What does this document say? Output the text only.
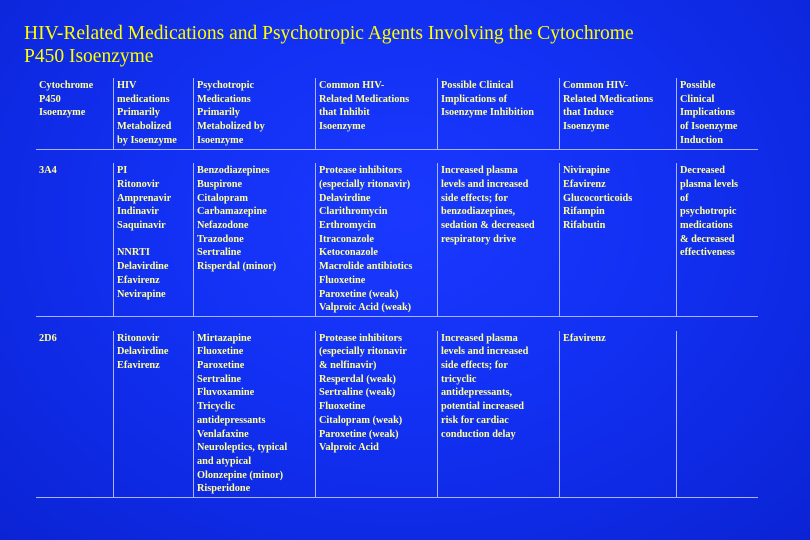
HIV-Related Medications and Psychotropic Agents Involving the Cytochrome
P450 Isoenzyme
Cytochrome
P450
Isoenzyme
HIV
medications
Primarily
Metabolized
by Isoenzyme
Psychotropic
Medications
Primarily
Metabolized by
Isoenzyme
Common HIV-
Related Medications
that Inhibit
Isoenzyme
Possible Clinical
Implications of
Isoenzyme Inhibition
Common HIV-
Related Medications
that Induce
Isoenzyme
Possible
Clinical
Implications
of Isoenzyme
Induction
3A4	PI
Ritonovir
Amprenavir
Indinavir
Saquinavir

NNRTI
Delavirdine
Efavirenz
Nevirapine
Benzodiazepines
Buspirone
Citalopram
Carbamazepine
Nefazodone
Trazodone
Sertraline
Risperdal (minor)
Protease inhibitors
(especially ritonavir)
Delavirdine
Clarithromycin
Erthromycin
Itraconazole
Ketoconazole
Macrolide antibiotics
Fluoxetine
Paroxetine (weak)
Valproic Acid (weak)
Increased plasma
levels and increased
side effects; for
benzodiazepines,
sedation & decreased
respiratory drive
Nivirapine
Efavirenz
Glucocorticoids
Rifampin
Rifabutin
Decreased
plasma levels
of
psychotropic
medications
& decreased
effectiveness
2D6	Ritonovir
Delavirdine
Efavirenz
Mirtazapine
Fluoxetine
Paroxetine
Sertraline
Fluvoxamine
Tricyclic
antidepressants
Venlafaxine
Neuroleptics, typical
and atypical
Olonzepine (minor)
Risperidone
Protease inhibitors
(especially ritonavir
& nelfinavir)
Resperdal (weak)
Sertraline (weak)
Fluoxetine
Citalopram (weak)
Paroxetine (weak)
Valproic Acid
Increased plasma
levels and increased
side effects; for
tricyclic
antidepressants,
potential increased
risk for cardiac
conduction delay
Efavirenz
